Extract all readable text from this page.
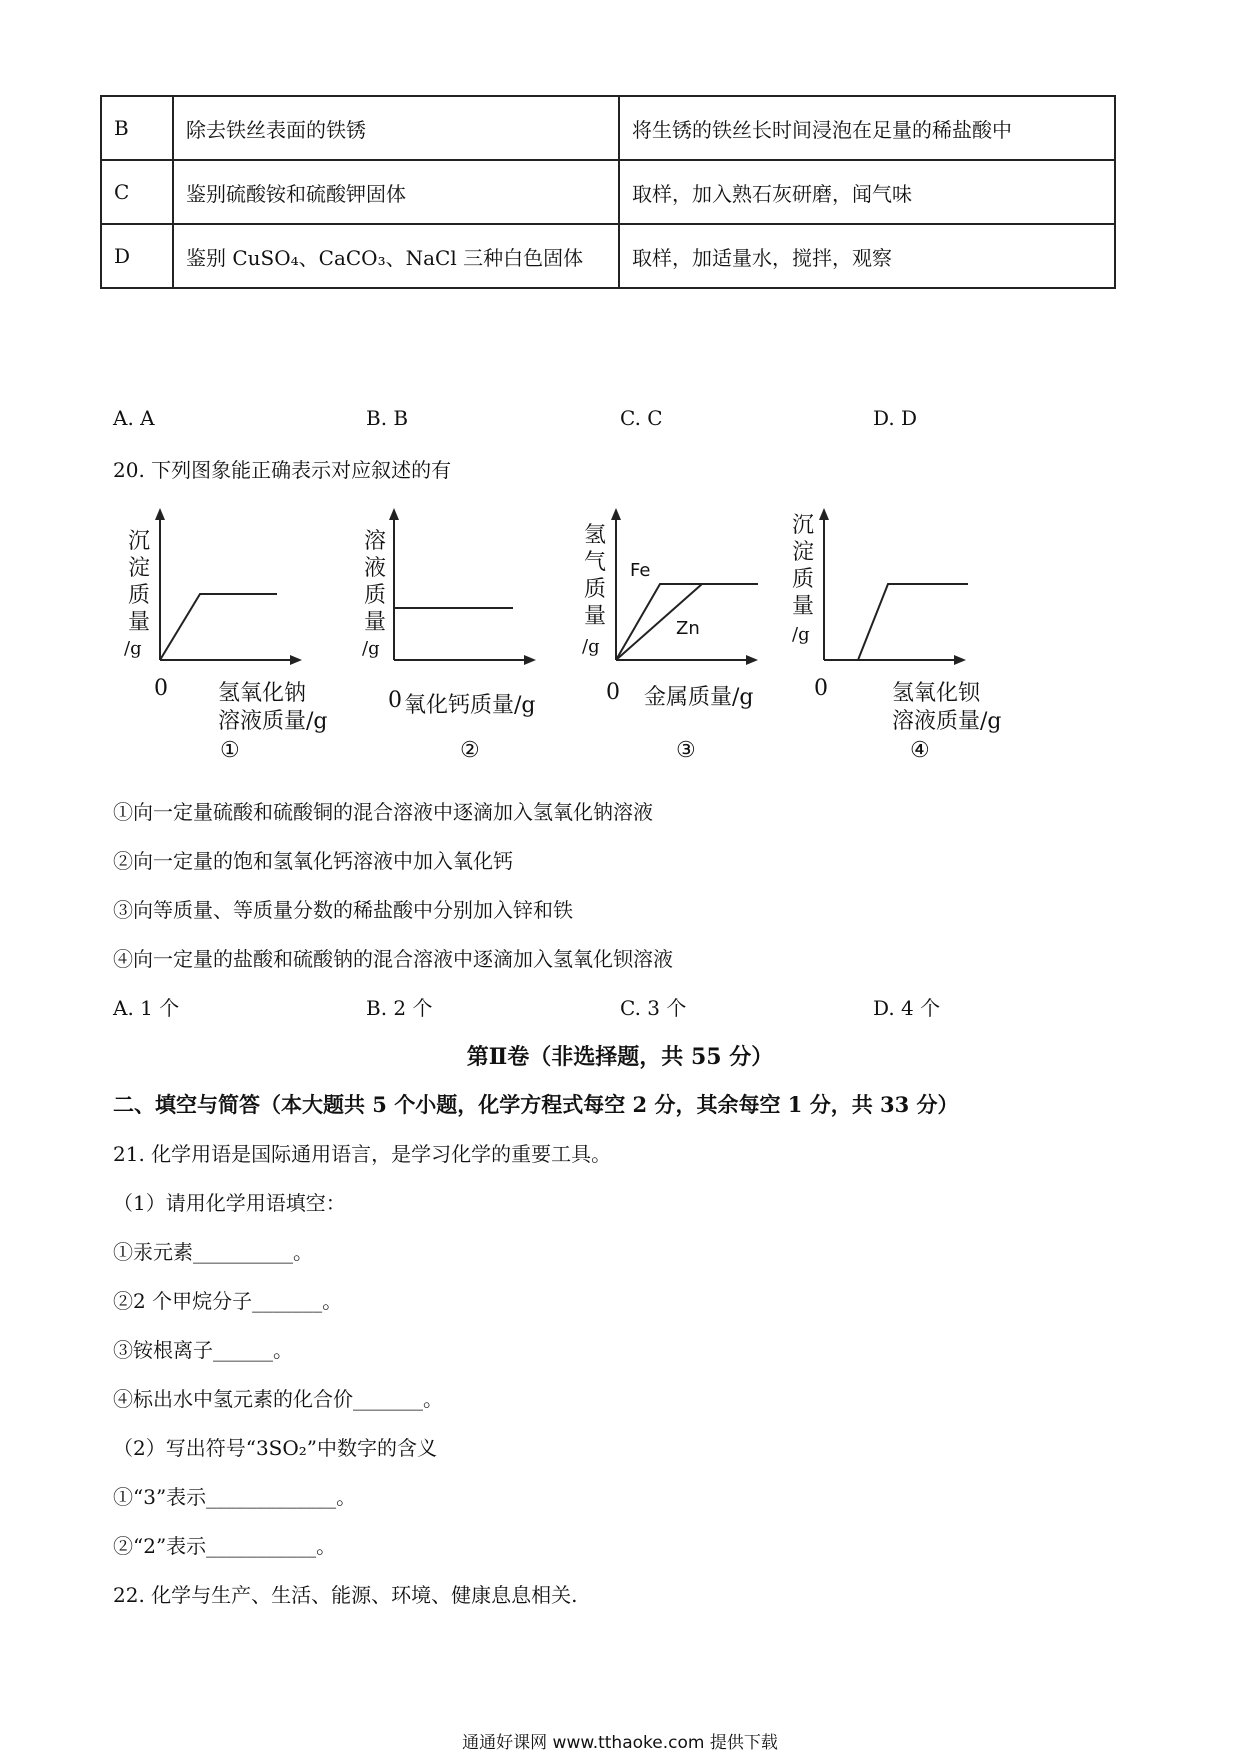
B	除去铁丝表面的铁锈	将生锈的铁丝长时间浸泡在足量的稀盐酸中
C	鉴别硫酸铵和硫酸钾固体	取样，加入熟石灰研磨，闻气味
D	鉴别 CuSO₄、CaCO₃、NaCl 三种白色固体	取样，加适量水，搅拌，观察
A. A	B. B	C. C	D. D
20. 下列图象能正确表示对应叙述的有
沉淀质量
/g
0 氢氧化钠
溶液质量/g
①
溶液质量
/g
0 氧化钙质量/g
②
氢气质量
/g
Fe
Zn
0 金属质量/g
③
沉淀质量
/g
0	氢氧化钡
溶液质量/g
④
①向一定量硫酸和硫酸铜的混合溶液中逐滴加入氢氧化钠溶液
②向一定量的饱和氢氧化钙溶液中加入氧化钙
③向等质量、等质量分数的稀盐酸中分别加入锌和铁
④向一定量的盐酸和硫酸钠的混合溶液中逐滴加入氢氧化钡溶液
A. 1 个	B. 2 个	C. 3 个	D. 4 个
第Ⅱ卷（非选择题，共 55 分）
二、填空与简答（本大题共 5 个小题，化学方程式每空 2 分，其余每空 1 分，共 33 分）
21. 化学用语是国际通用语言，是学习化学的重要工具。
（1）请用化学用语填空：
①汞元素__________。
②2 个甲烷分子_______。
③铵根离子______。
④标出水中氢元素的化合价_______。
（2）写出符号“3SO₂”中数字的含义
①“3”表示_____________。
②“2”表示___________。
22. 化学与生产、生活、能源、环境、健康息息相关.
通通好课网 www.tthaoke.com 提供下载
